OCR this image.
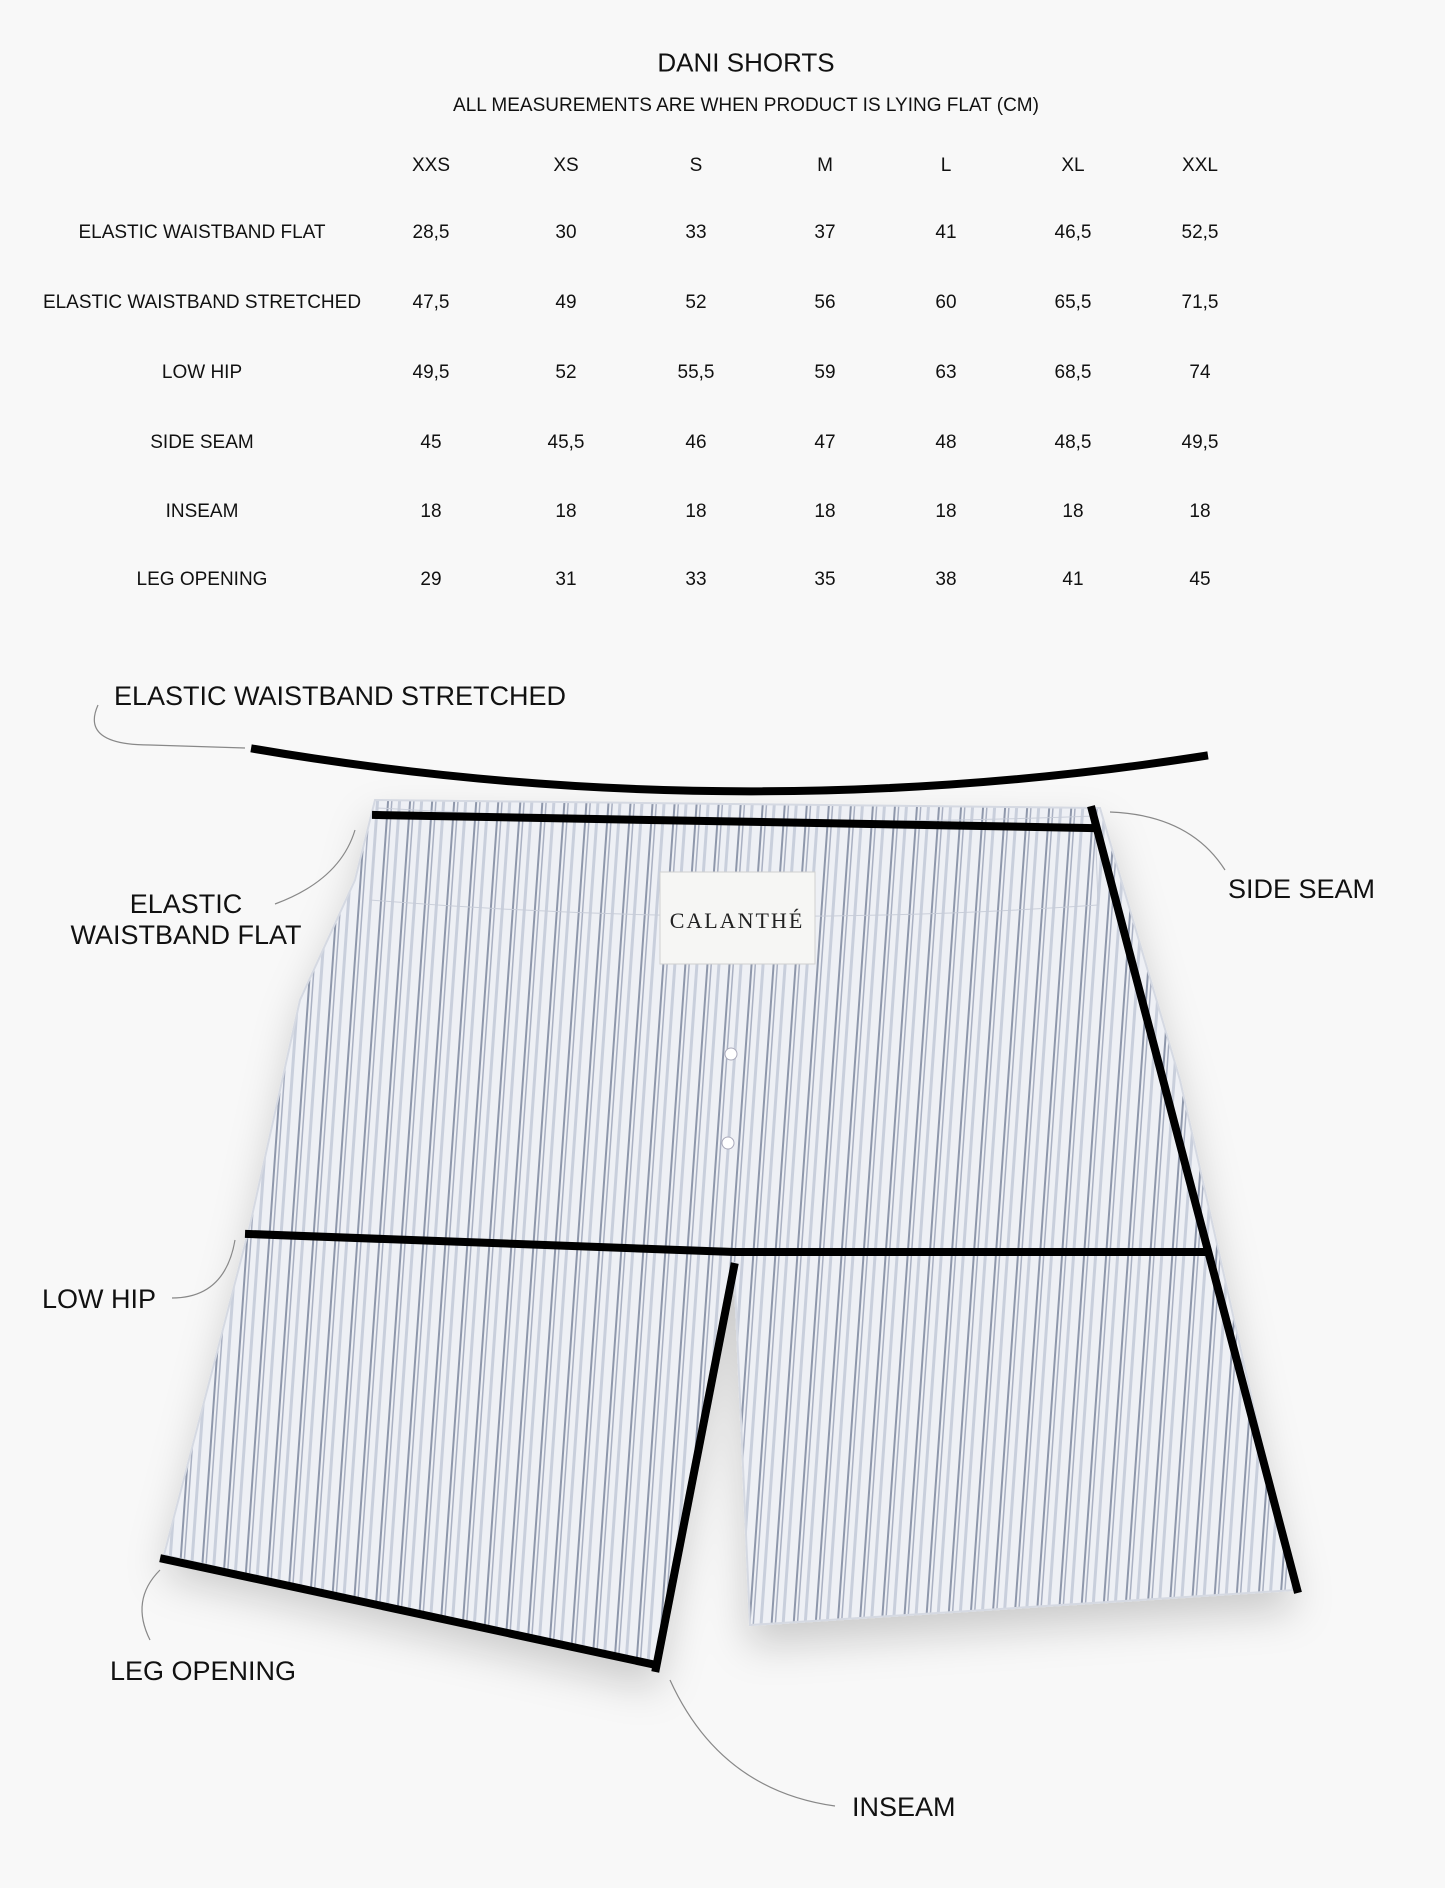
DANI SHORTS
ALL MEASUREMENTS ARE WHEN PRODUCT IS LYING FLAT (CM)
XXS	XS	S	M	L	XL	XXL
ELASTIC WAISTBAND FLAT	28,5	30	33	37	41	46,5	52,5
ELASTIC WAISTBAND STRETCHED	47,5	49	52	56	60	65,5	71,5
LOW HIP	49,5	52	55,5	59	63	68,5	74
SIDE SEAM	45	45,5	46	47	48	48,5	49,5
INSEAM	18	18	18	18	18	18	18
LEG OPENING	29	31	33	35	38	41	45
CALANTHÉ
ELASTIC WAISTBAND STRETCHED
ELASTIC
WAISTBAND FLAT
SIDE SEAM
LOW HIP
LEG OPENING
INSEAM
